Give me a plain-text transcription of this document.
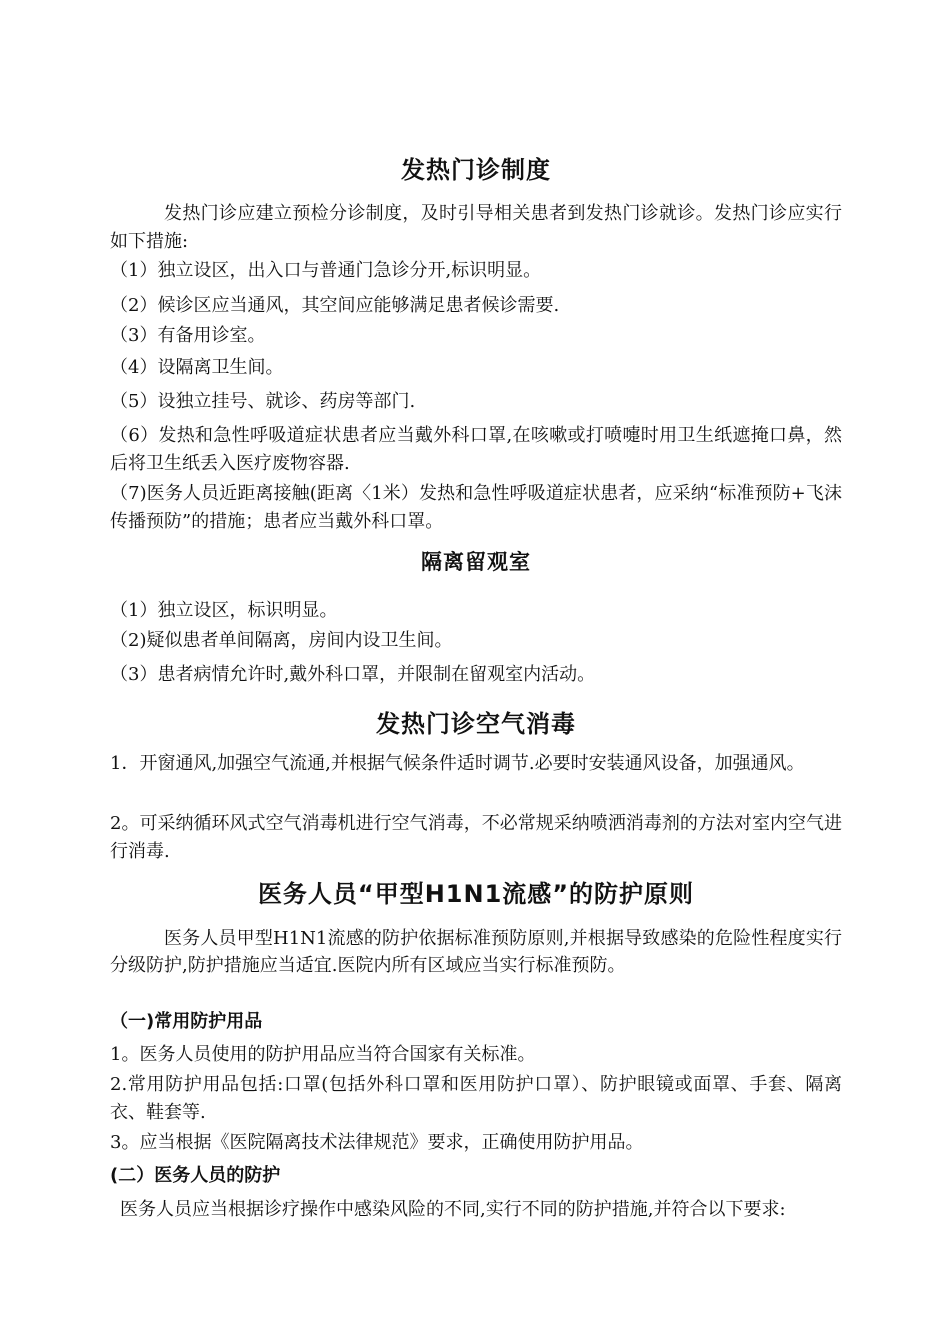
发热门诊制度

发热门诊应建立预检分诊制度，及时引导相关患者到发热门诊就诊。发热门诊应实行如下措施:

（1）独立设区，出入口与普通门急诊分开,标识明显。

（2）候诊区应当通风，其空间应能够满足患者候诊需要.

（3）有备用诊室。

（4）设隔离卫生间。

（5）设独立挂号、就诊、药房等部门.

（6）发热和急性呼吸道症状患者应当戴外科口罩,在咳嗽或打喷嚏时用卫生纸遮掩口鼻，然后将卫生纸丢入医疗废物容器.

（7)医务人员近距离接触(距离〈1米）发热和急性呼吸道症状患者，应采纳“标准预防+飞沫传播预防”的措施；患者应当戴外科口罩。

隔离留观室

（1）独立设区，标识明显。

（2)疑似患者单间隔离，房间内设卫生间。

（3）患者病情允许时,戴外科口罩，并限制在留观室内活动。

发热门诊空气消毒

1．开窗通风,加强空气流通,并根据气候条件适时调节.必要时安装通风设备，加强通风。

2。可采纳循环风式空气消毒机进行空气消毒，不必常规采纳喷洒消毒剂的方法对室内空气进行消毒.

医务人员“甲型H1N1流感”的防护原则

医务人员甲型H1N1流感的防护依据标准预防原则,并根据导致感染的危险性程度实行分级防护,防护措施应当适宜.医院内所有区域应当实行标准预防。

（一)常用防护用品

1。医务人员使用的防护用品应当符合国家有关标准。

2.常用防护用品包括:口罩(包括外科口罩和医用防护口罩）、防护眼镜或面罩、手套、隔离衣、鞋套等.

3。应当根据《医院隔离技术法律规范》要求，正确使用防护用品。

(二）医务人员的防护

医务人员应当根据诊疗操作中感染风险的不同,实行不同的防护措施,并符合以下要求:
